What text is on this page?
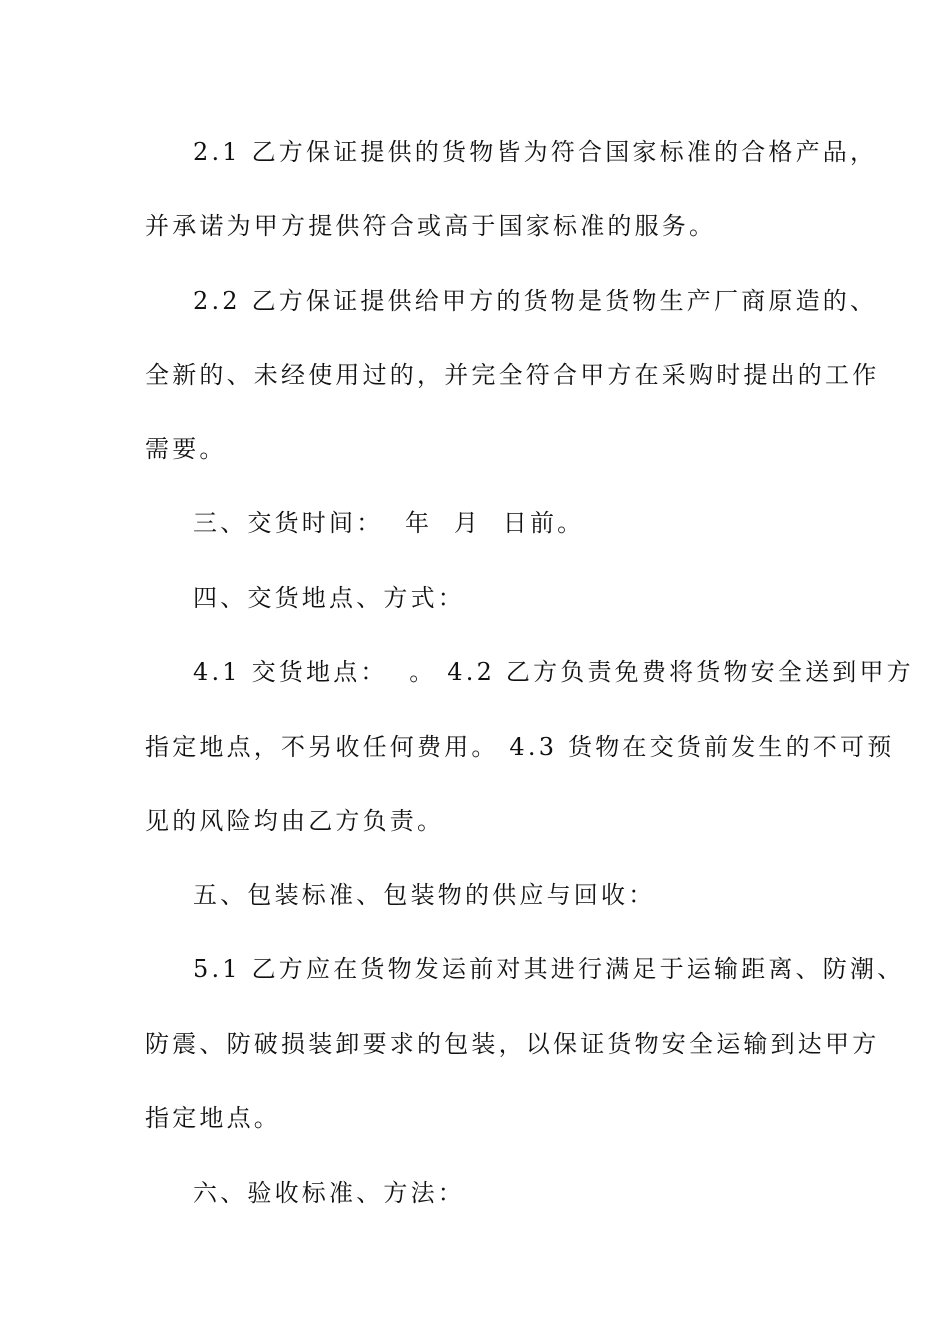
2.1 乙方保证提供的货物皆为符合国家标准的合格产品，
并承诺为甲方提供符合或高于国家标准的服务。
2.2 乙方保证提供给甲方的货物是货物生产厂商原造的、
全新的、未经使用过的，并完全符合甲方在采购时提出的工作
需要。
三、交货时间：  年  月  日前。
四、交货地点、方式：
4.1 交货地点：  。 4.2 乙方负责免费将货物安全送到甲方
指定地点，不另收任何费用。 4.3 货物在交货前发生的不可预
见的风险均由乙方负责。
五、包装标准、包装物的供应与回收：
5.1 乙方应在货物发运前对其进行满足于运输距离、防潮、
防震、防破损装卸要求的包装，以保证货物安全运输到达甲方
指定地点。
六、验收标准、方法：
